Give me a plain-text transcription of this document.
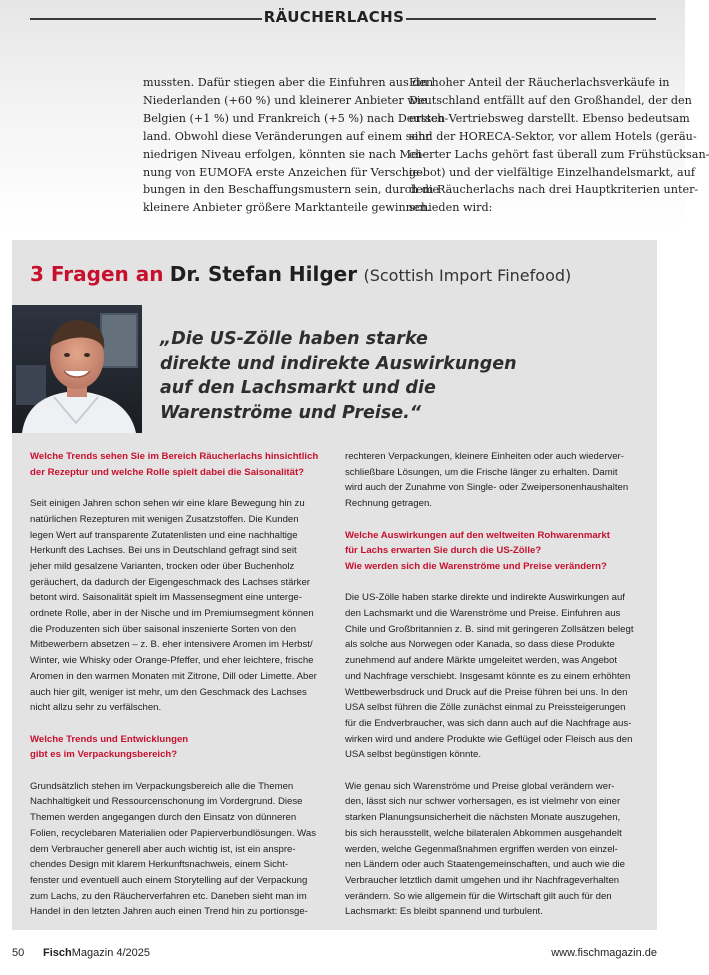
RÄUCHERLACHS
mussten. Dafür stiegen aber die Einfuhren aus den
Niederlanden (+60 %) und kleinerer Anbieter wie
Belgien (+1 %) und Frankreich (+5 %) nach Deutsch-
land. Obwohl diese Veränderungen auf einem sehr
niedrigen Niveau erfolgen, könnten sie nach Mei-
nung von EUMOFA erste Anzeichen für Verschie-
bungen in den Beschaffungsmustern sein, durch die
kleinere Anbieter größere Marktanteile gewinnen.
Ein hoher Anteil der Räucherlachsverkäufe in
Deutschland entfällt auf den Großhandel, der den
ersten Vertriebsweg darstellt. Ebenso bedeutsam
sind der HORECA-Sektor, vor allem Hotels (geräu-
cherter Lachs gehört fast überall zum Frühstücksan-
gebot) und der vielfältige Einzelhandelsmarkt, auf
dem Räucherlachs nach drei Hauptkriterien unter-
schieden wird:
3 Fragen an Dr. Stefan Hilger (Scottish Import Finefood)
„Die US-Zölle haben starke
direkte und indirekte Auswirkungen
auf den Lachsmarkt und die
Warenströme und Preise.“
Welche Trends sehen Sie im Bereich Räucherlachs hinsichtlich
der Rezeptur und welche Rolle spielt dabei die Saisonalität?
Seit einigen Jahren schon sehen wir eine klare Bewegung hin zu
natürlichen Rezepturen mit wenigen Zusatzstoffen. Die Kunden
legen Wert auf transparente Zutatenlisten und eine nachhaltige
Herkunft des Lachses. Bei uns in Deutschland gefragt sind seit
jeher mild gesalzene Varianten, trocken oder über Buchenholz
geräuchert, da dadurch der Eigengeschmack des Lachses stärker
betont wird. Saisonalität spielt im Massensegment eine unterge-
ordnete Rolle, aber in der Nische und im Premiumsegment können
die Produzenten sich über saisonal inszenierte Sorten von den
Mitbewerbern absetzen – z. B. eher intensivere Aromen im Herbst/
Winter, wie Whisky oder Orange-Pfeffer, und eher leichtere, frische
Aromen in den warmen Monaten mit Zitrone, Dill oder Limette. Aber
auch hier gilt, weniger ist mehr, um den Geschmack des Lachses
nicht allzu sehr zu verfälschen.
Welche Trends und Entwicklungen
gibt es im Verpackungsbereich?
Grundsätzlich stehen im Verpackungsbereich alle die Themen
Nachhaltigkeit und Ressourcenschonung im Vordergrund. Diese
Themen werden angegangen durch den Einsatz von dünneren
Folien, recyclebaren Materialien oder Papierverbundlösungen. Was
dem Verbraucher generell aber auch wichtig ist, ist ein anspre-
chendes Design mit klarem Herkunftsnachweis, einem Sicht-
fenster und eventuell auch einem Storytelling auf der Verpackung
zum Lachs, zu den Räucherverfahren etc. Daneben sieht man im
Handel in den letzten Jahren auch einen Trend hin zu portionsge-
rechteren Verpackungen, kleinere Einheiten oder auch wiederver-
schließbare Lösungen, um die Frische länger zu erhalten. Damit
wird auch der Zunahme von Single- oder Zweipersonenhaushalten
Rechnung getragen.
Welche Auswirkungen auf den weltweiten Rohwarenmarkt
für Lachs erwarten Sie durch die US-Zölle?
Wie werden sich die Warenströme und Preise verändern?
Die US-Zölle haben starke direkte und indirekte Auswirkungen auf
den Lachsmarkt und die Warenströme und Preise. Einfuhren aus
Chile und Großbritannien z. B. sind mit geringeren Zollsätzen belegt
als solche aus Norwegen oder Kanada, so dass diese Produkte
zunehmend auf andere Märkte umgeleitet werden, was Angebot
und Nachfrage verschiebt. Insgesamt könnte es zu einem erhöhten
Wettbewerbsdruck und Druck auf die Preise führen bei uns. In den
USA selbst führen die Zölle zunächst einmal zu Preissteigerungen
für die Endverbraucher, was sich dann auch auf die Nachfrage aus-
wirken wird und andere Produkte wie Geflügel oder Fleisch aus den
USA selbst begünstigen könnte.
Wie genau sich Warenströme und Preise global verändern wer-
den, lässt sich nur schwer vorhersagen, es ist vielmehr von einer
starken Planungsunsicherheit die nächsten Monate auszugehen,
bis sich herausstellt, welche bilateralen Abkommen ausgehandelt
werden, welche Gegenmaßnahmen ergriffen werden von einzel-
nen Ländern oder auch Staatengemeinschaften, und auch wie die
Verbraucher letztlich damit umgehen und ihr Nachfrageverhalten
verändern. So wie allgemein für die Wirtschaft gilt auch für den
Lachsmarkt: Es bleibt spannend und turbulent.
50 FischMagazin 4/2025	www.fischmagazin.de
